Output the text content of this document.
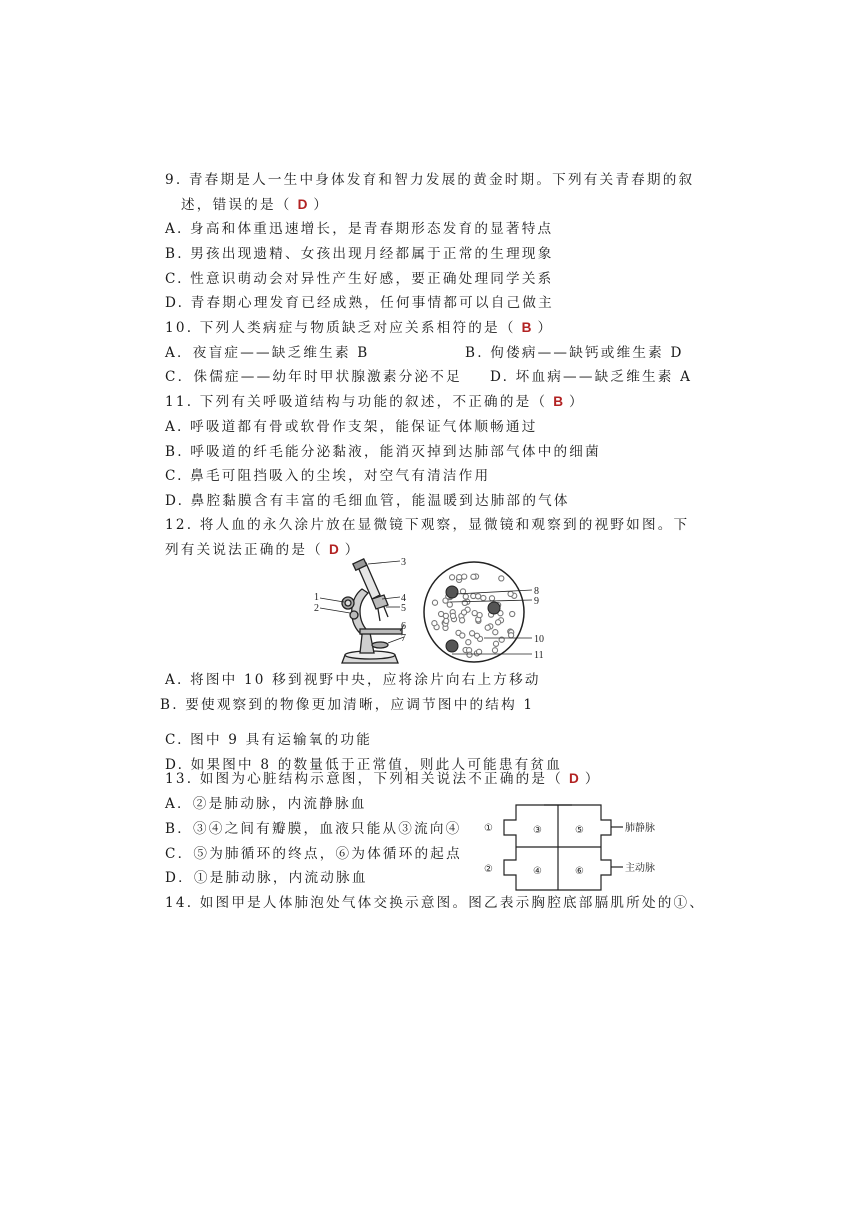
9. 青春期是人一生中身体发育和智力发展的黄金时期。下列有关青春期的叙
述，错误的是（ D ）
A. 身高和体重迅速增长，是青春期形态发育的显著特点
B. 男孩出现遗精、女孩出现月经都属于正常的生理现象
C. 性意识萌动会对异性产生好感，要正确处理同学关系
D. 青春期心理发育已经成熟，任何事情都可以自己做主
10. 下列人类病症与物质缺乏对应关系相符的是（ B ）
A．夜盲症——缺乏维生素 B	B. 佝偻病——缺钙或维生素 D
C．侏儒症——幼年时甲状腺激素分泌不足 D. 坏血病——缺乏维生素 A
11. 下列有关呼吸道结构与功能的叙述，不正确的是（ B ）
A. 呼吸道都有骨或软骨作支架，能保证气体顺畅通过
B. 呼吸道的纤毛能分泌黏液，能消灭掉到达肺部气体中的细菌
C. 鼻毛可阻挡吸入的尘埃，对空气有清洁作用
D. 鼻腔黏膜含有丰富的毛细血管，能温暖到达肺部的气体
12. 将人血的永久涂片放在显微镜下观察，显微镜和观察到的视野如图。下
列有关说法正确的是（ D ）
1
2
3
4
5
6
7
8
9
10
11
A. 将图中 10 移到视野中央，应将涂片向右上方移动
B. 要使观察到的物像更加清晰，应调节图中的结构 1
C. 图中 9 具有运输氧的功能
D. 如果图中 8 的数量低于正常值，则此人可能患有贫血
13. 如图为心脏结构示意图，下列相关说法不正确的是（ D ）
A．②是肺动脉，内流静脉血
B．③④之间有瓣膜，血液只能从③流向④
C．⑤为肺循环的终点，⑥为体循环的起点
D．①是肺动脉，内流动脉血
①
②
③
④
⑤
⑥
肺静脉
主动脉
14. 如图甲是人体肺泡处气体交换示意图。图乙表示胸腔底部膈肌所处的①、
